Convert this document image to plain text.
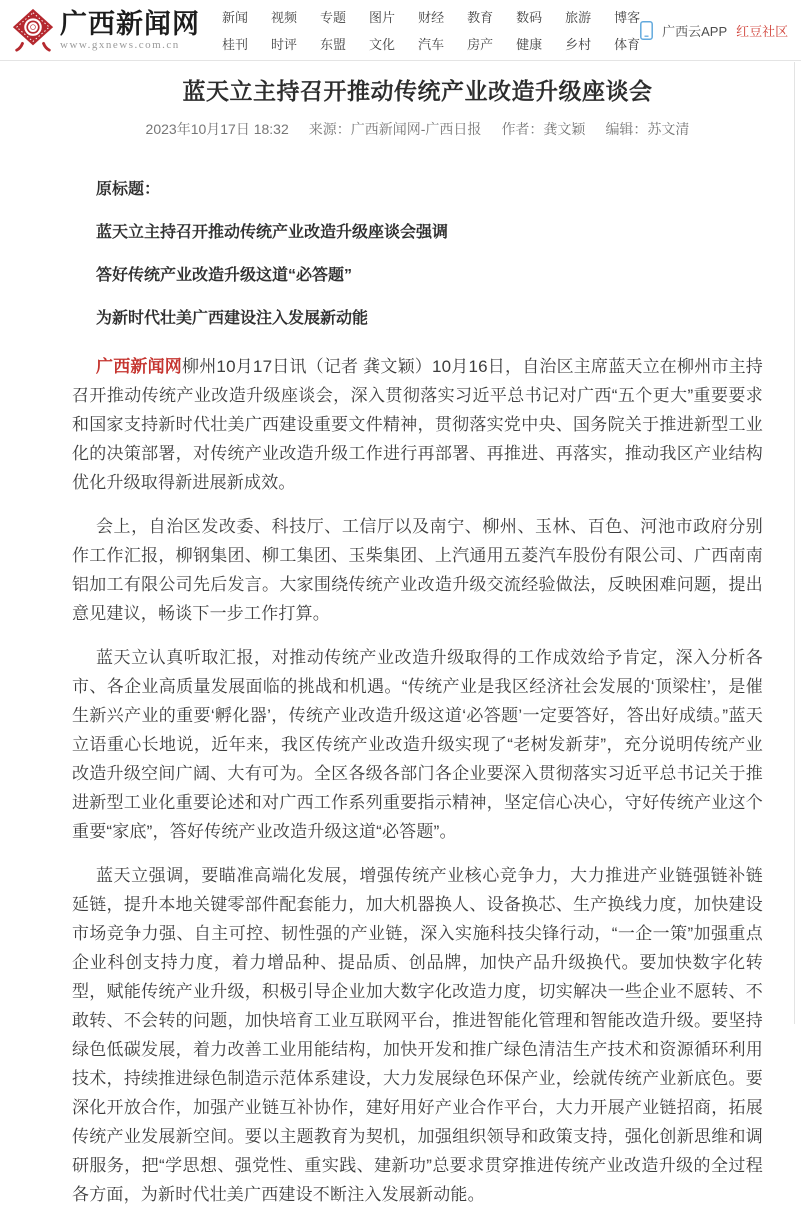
广西新闻网
www.gxnews.com.cn
新闻 视频 专题 图片 财经 教育 数码 旅游 博客
桂刊 时评 东盟 文化 汽车 房产 健康 乡村 体育
广西云APP 红豆社区
蓝天立主持召开推动传统产业改造升级座谈会
2023年10月17日 18:32 来源：广西新闻网-广西日报 作者：龚文颖 编辑：苏文清

原标题：

蓝天立主持召开推动传统产业改造升级座谈会强调

答好传统产业改造升级这道“必答题”

为新时代壮美广西建设注入发展新动能

广西新闻网柳州10月17日讯（记者 龚文颖）10月16日，自治区主席蓝天立在柳州市主持召开推动传统产业改造升级座谈会，深入贯彻落实习近平总书记对广西“五个更大”重要要求和国家支持新时代壮美广西建设重要文件精神，贯彻落实党中央、国务院关于推进新型工业化的决策部署，对传统产业改造升级工作进行再部署、再推进、再落实，推动我区产业结构优化升级取得新进展新成效。

会上，自治区发改委、科技厅、工信厅以及南宁、柳州、玉林、百色、河池市政府分别作工作汇报，柳钢集团、柳工集团、玉柴集团、上汽通用五菱汽车股份有限公司、广西南南铝加工有限公司先后发言。大家围绕传统产业改造升级交流经验做法，反映困难问题，提出意见建议，畅谈下一步工作打算。

蓝天立认真听取汇报，对推动传统产业改造升级取得的工作成效给予肯定，深入分析各市、各企业高质量发展面临的挑战和机遇。“传统产业是我区经济社会发展的‘顶梁柱’，是催生新兴产业的重要‘孵化器’，传统产业改造升级这道‘必答题’一定要答好，答出好成绩。”蓝天立语重心长地说，近年来，我区传统产业改造升级实现了“老树发新芽”，充分说明传统产业改造升级空间广阔、大有可为。全区各级各部门各企业要深入贯彻落实习近平总书记关于推进新型工业化重要论述和对广西工作系列重要指示精神，坚定信心决心，守好传统产业这个重要“家底”，答好传统产业改造升级这道“必答题”。

蓝天立强调，要瞄准高端化发展，增强传统产业核心竞争力，大力推进产业链强链补链延链，提升本地关键零部件配套能力，加大机器换人、设备换芯、生产换线力度，加快建设市场竞争力强、自主可控、韧性强的产业链，深入实施科技尖锋行动，“一企一策”加强重点企业科创支持力度，着力增品种、提品质、创品牌，加快产品升级换代。要加快数字化转型，赋能传统产业升级，积极引导企业加大数字化改造力度，切实解决一些企业不愿转、不敢转、不会转的问题，加快培育工业互联网平台，推进智能化管理和智能改造升级。要坚持绿色低碳发展，着力改善工业用能结构，加快开发和推广绿色清洁生产技术和资源循环利用技术，持续推进绿色制造示范体系建设，大力发展绿色环保产业，绘就传统产业新底色。要深化开放合作，加强产业链互补协作，建好用好产业合作平台，大力开展产业链招商，拓展传统产业发展新空间。要以主题教育为契机，加强组织领导和政策支持，强化创新思维和调研服务，把“学思想、强党性、重实践、建新功”总要求贯穿推进传统产业改造升级的全过程各方面，为新时代壮美广西建设不断注入发展新动能。
